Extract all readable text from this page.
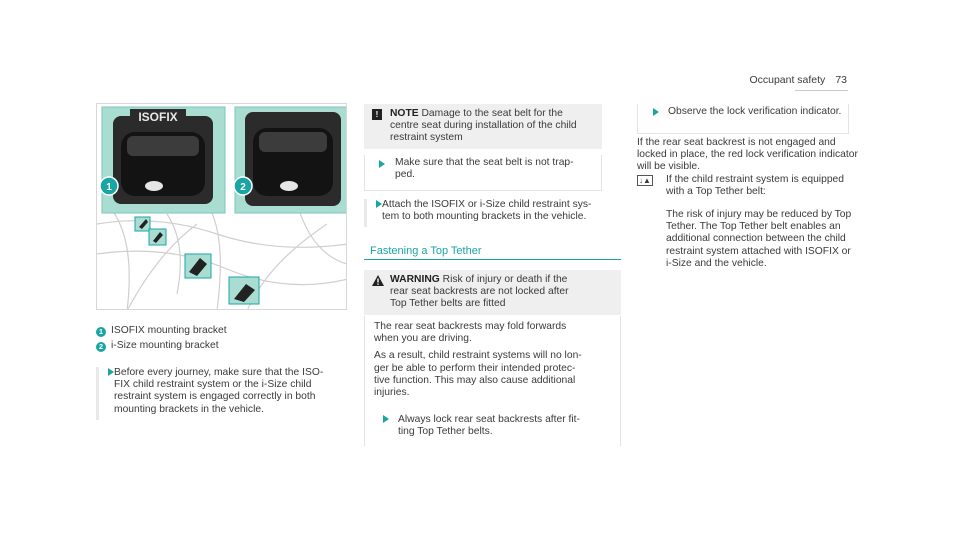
Occupant safety 73
ISOFIX
1	2
1 ISOFIX mounting bracket
2 i-Size mounting bracket
Before every journey, make sure that the ISO-
FIX child restraint system or the i-Size child
restraint system is engaged correctly in both
mounting brackets in the vehicle.
!	NOTE Damage to the seat belt for the
centre seat during installation of the child
restraint system
Make sure that the seat belt is not trap-
ped.
Attach the ISOFIX or i-Size child restraint sys-
tem to both mounting brackets in the vehicle.
Fastening a Top Tether
WARNING Risk of injury or death if the
rear seat backrests are not locked after
Top Tether belts are fitted

The rear seat backrests may fold forwards
when you are driving.

As a result, child restraint systems will no lon-
ger be able to perform their intended protec-
tive function. This may also cause additional
injuries.

Always lock rear seat backrests after fit-
ting Top Tether belts.
Observe the lock verification indicator.
If the rear seat backrest is not engaged and
locked in place, the red lock verification indicator
will be visible.
↓▲ If the child restraint system is equipped
with a Top Tether belt:
The risk of injury may be reduced by Top
Tether. The Top Tether belt enables an
additional connection between the child
restraint system attached with ISOFIX or
i-Size and the vehicle.
